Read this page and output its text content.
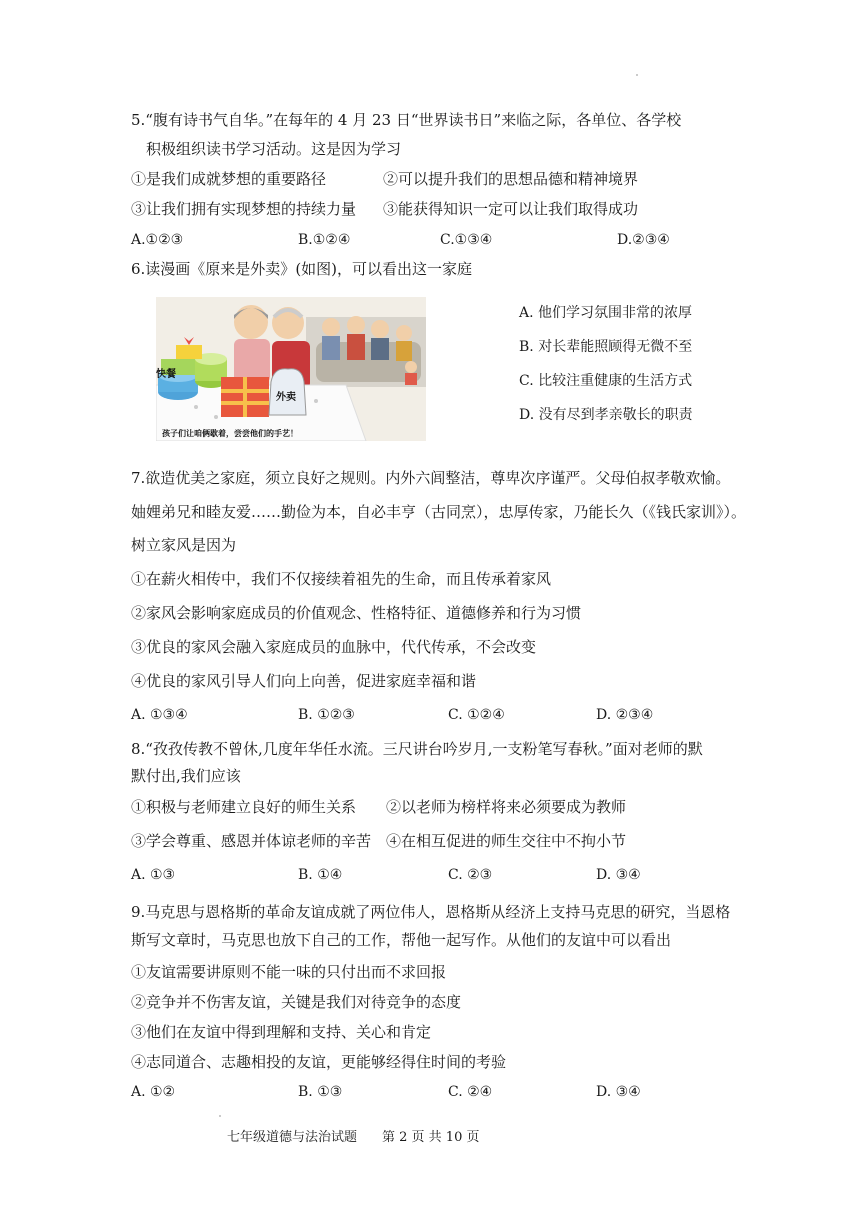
5.“腹有诗书气自华。”在每年的 4 月 23 日“世界读书日”来临之际，各单位、各学校
积极组织读书学习活动。这是因为学习
①是我们成就梦想的重要路径	②可以提升我们的思想品德和精神境界
③让我们拥有实现梦想的持续力量 ③能获得知识一定可以让我们取得成功
A.①②③	B.①②④	C.①③④	D.②③④
6.读漫画《原来是外卖》(如图)，可以看出这一家庭
快餐
外卖
孩子们让咱俩歇着，尝尝他们的手艺！
A. 他们学习氛围非常的浓厚
B. 对长辈能照顾得无微不至
C. 比较注重健康的生活方式
D. 没有尽到孝亲敬长的职责
7.欲造优美之家庭，须立良好之规则。内外六闾整洁，尊卑次序谨严。父母伯叔孝敬欢愉。
妯娌弟兄和睦友爱……勤俭为本，自必丰亨（古同烹），忠厚传家，乃能长久（《钱氏家训》）。
树立家风是因为
①在薪火相传中，我们不仅接续着祖先的生命，而且传承着家风
②家风会影响家庭成员的价值观念、性格特征、道德修养和行为习惯
③优良的家风会融入家庭成员的血脉中，代代传承，不会改变
④优良的家风引导人们向上向善，促进家庭幸福和谐
A. ①③④	B. ①②③	C. ①②④	D. ②③④
8.“孜孜传教不曾休,几度年华任水流。三尺讲台吟岁月,一支粉笔写春秋。”面对老师的默
默付出,我们应该
①积极与老师建立良好的师生关系 ②以老师为榜样将来必须要成为教师
③学会尊重、感恩并体谅老师的辛苦 ④在相互促进的师生交往中不拘小节
A. ①③	B. ①④	C. ②③	D. ③④
9.马克思与恩格斯的革命友谊成就了两位伟人，恩格斯从经济上支持马克思的研究，当恩格
斯写文章时，马克思也放下自己的工作，帮他一起写作。从他们的友谊中可以看出
①友谊需要讲原则不能一味的只付出而不求回报
②竞争并不伤害友谊，关键是我们对待竞争的态度
③他们在友谊中得到理解和支持、关心和肯定
④志同道合、志趣相投的友谊，更能够经得住时间的考验
A. ①②	B. ①③	C. ②④	D. ③④
七年级道德与法治试题 第 2 页 共 10 页
